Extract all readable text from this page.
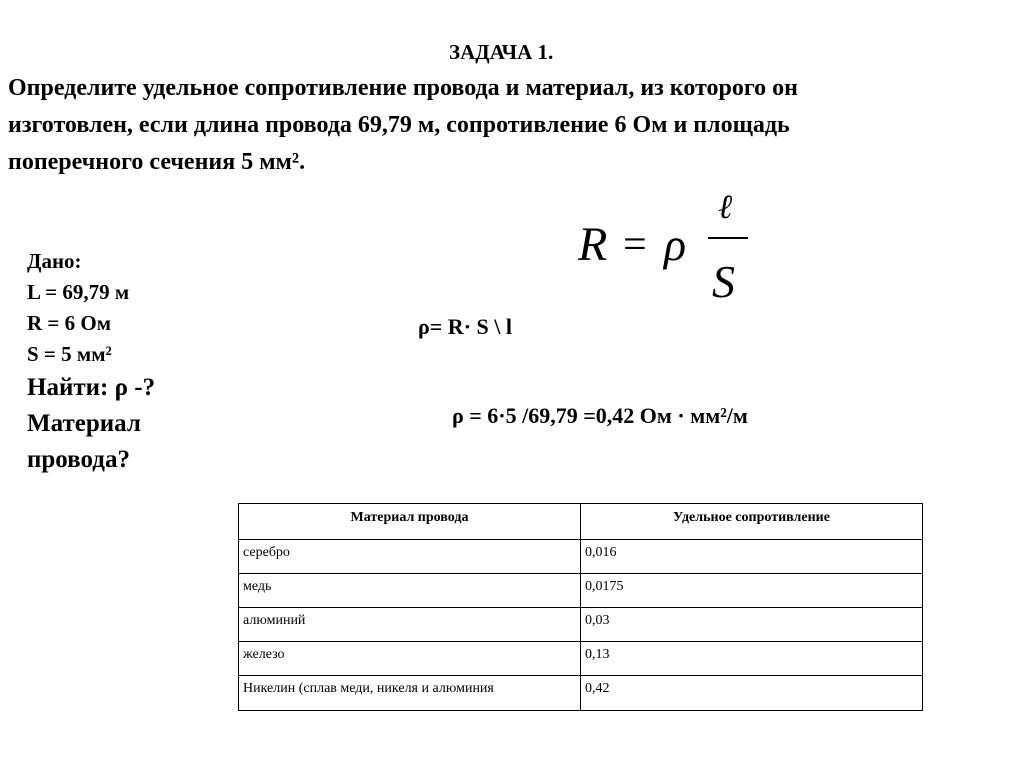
ЗАДАЧА 1.
Определите удельное сопротивление провода и материал, из которого он
изготовлен, если длина провода 69,79 м, сопротивление 6 Ом и площадь
поперечного сечения 5 мм².
Дано:
L = 69,79 м
R = 6 Ом
S = 5 мм²
Найти: ρ -?
Материал
провода?
R = ρ
ℓ
S
ρ= R· S \ l
ρ = 6·5 /69,79 =0,42 Ом · мм²/м
Материал провода	Удельное сопротивление
серебро	0,016
медь	0,0175
алюминий	0,03
железо	0,13
Никелин (сплав меди, никеля и алюминия	0,42
